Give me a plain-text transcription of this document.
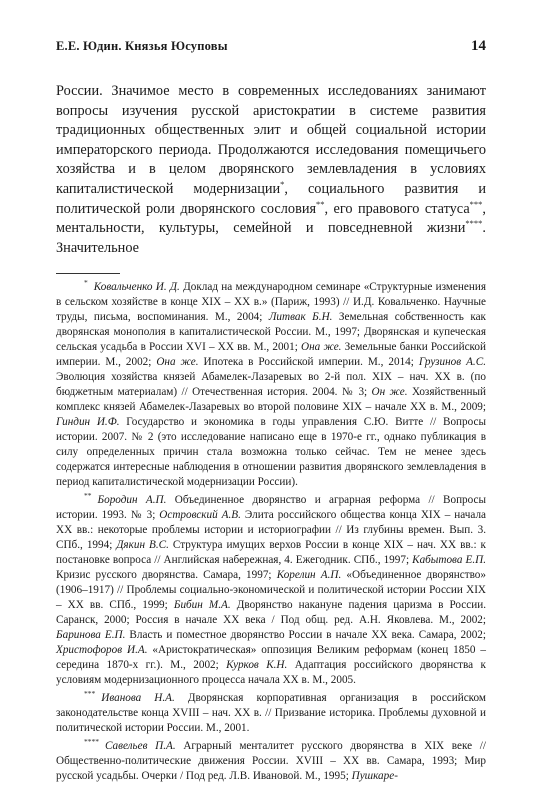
Е.Е. Юдин. Князья Юсуповы	14

России. Значимое место в современных исследованиях занимают вопросы изучения русской аристократии в системе развития традиционных общественных элит и общей социальной истории императорского периода. Продолжаются исследования помещичьего хозяйства и в целом дворянского землевладения в условиях капиталистической модернизации*, социального развития и политической роли дворянского сословия**, его правового статуса***, ментальности, культуры, семейной и повседневной жизни****. Значительное

* Ковальченко И. Д. Доклад на международном семинаре «Структурные изменения в сельском хозяйстве в конце XIX – XX в.» (Париж, 1993) // И.Д. Ковальченко. Научные труды, письма, воспоминания. М., 2004; Литвак Б.Н. Земельная собственность как дворянская монополия в капиталистической России. М., 1997; Дворянская и купеческая сельская усадьба в России XVI – XX вв. М., 2001; Она же. Земельные банки Российской империи. М., 2002; Она же. Ипотека в Российской империи. М., 2014; Грузинов А.С. Эволюция хозяйства князей Абамелек-Лазаревых во 2-й пол. XIX – нач. XX в. (по бюджетным материалам) // Отечественная история. 2004. № 3; Он же. Хозяйственный комплекс князей Абамелек-Лазаревых во второй половине XIX – начале XX в. М., 2009; Гиндин И.Ф. Государство и экономика в годы управления С.Ю. Витте // Вопросы истории. 2007. № 2 (это исследование написано еще в 1970-е гг., однако публикация в силу определенных причин стала возможна только сейчас. Тем не менее здесь содержатся интересные наблюдения в отношении развития дворянского землевладения в период капиталистической модернизации России).

** Бородин А.П. Объединенное дворянство и аграрная реформа // Вопросы истории. 1993. № 3; Островский А.В. Элита российского общества конца XIX – начала XX вв.: некоторые проблемы истории и историографии // Из глубины времен. Вып. 3. СПб., 1994; Дякин В.С. Структура имущих верхов России в конце XIX – нач. XX вв.: к постановке вопроса // Английская набережная, 4. Ежегодник. СПб., 1997; Кабытова Е.П. Кризис русского дворянства. Самара, 1997; Корелин А.П. «Объединенное дворянство» (1906–1917) // Проблемы социально-экономической и политической истории России XIX – XX вв. СПб., 1999; Бибин М.А. Дворянство накануне падения царизма в России. Саранск, 2000; Россия в начале XX века / Под общ. ред. А.Н. Яковлева. М., 2002; Баринова Е.П. Власть и поместное дворянство России в начале XX века. Самара, 2002; Христофоров И.А. «Аристократическая» оппозиция Великим реформам (конец 1850 – середина 1870-х гг.). М., 2002; Курков К.Н. Адаптация российского дворянства к условиям модернизационного процесса начала XX в. М., 2005.

*** Иванова Н.А. Дворянская корпоративная организация в российском законодательстве конца XVIII – нач. XX в. // Призвание историка. Проблемы духовной и политической истории России. М., 2001.

**** Савельев П.А. Аграрный менталитет русского дворянства в XIX веке // Общественно-политические движения России. XVIII – XX вв. Самара, 1993; Мир русской усадьбы. Очерки / Под ред. Л.В. Ивановой. М., 1995; Пушкаре-
